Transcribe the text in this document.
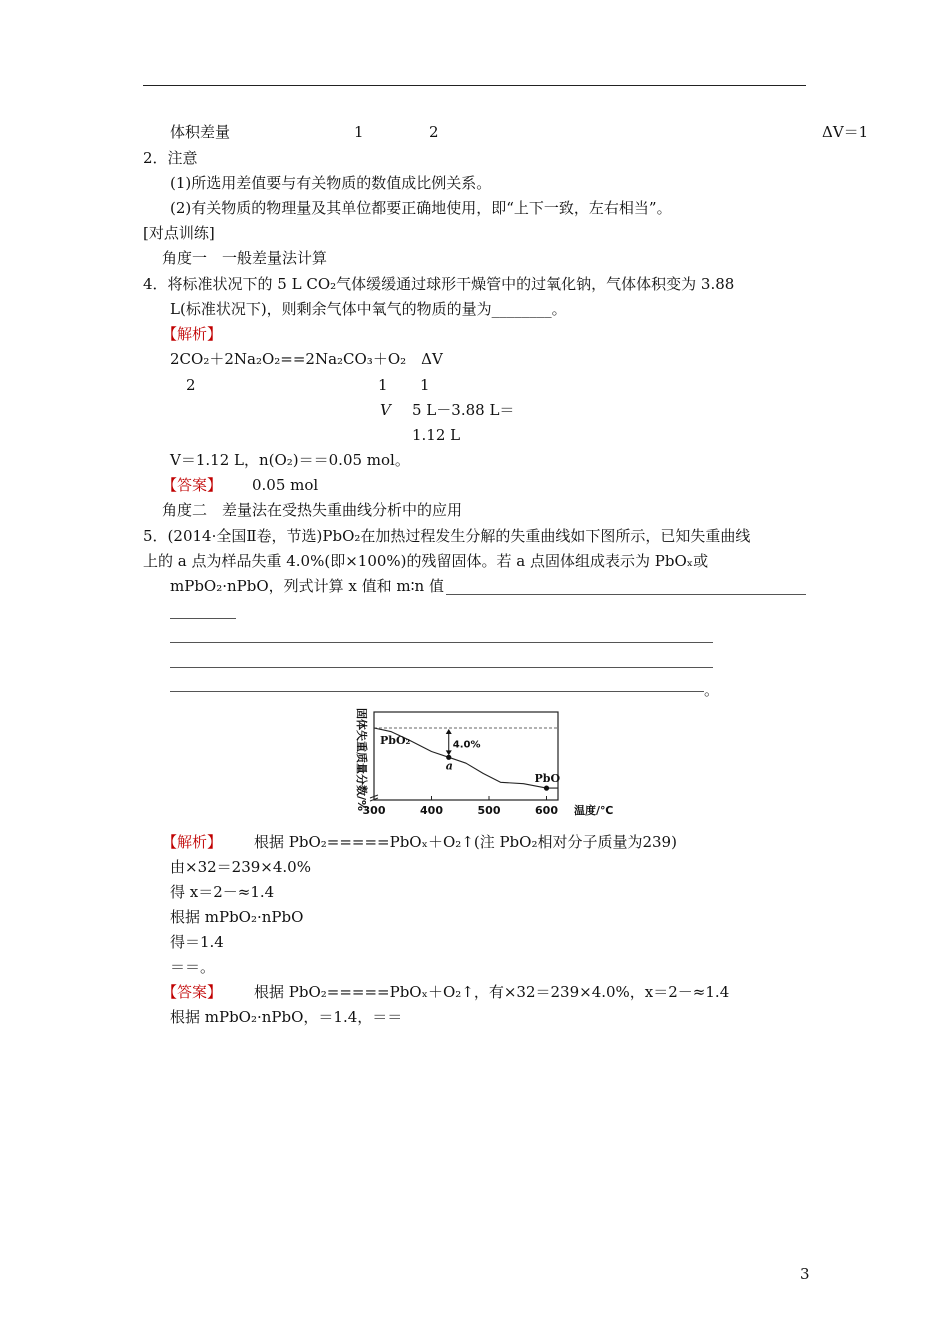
体积差量	1	2	ΔV＝1
2．注意
(1)所选用差值要与有关物质的数值成比例关系。
(2)有关物质的物理量及其单位都要正确地使用，即“上下一致，左右相当”。
[对点训练]
角度一　一般差量法计算
4．将标准状况下的 5 L CO₂气体缓缓通过球形干燥管中的过氧化钠，气体体积变为 3.88
L(标准状况下)，则剩余气体中氧气的物质的量为________。
【解析】
2CO₂＋2Na₂O₂==2Na₂CO₃＋O₂　ΔV
2	1 1
V 5 L－3.88 L＝
1.12 L
V＝1.12 L，n(O₂)＝＝0.05 mol。
【答案】 0.05 mol
角度二　差量法在受热失重曲线分析中的应用
5．(2014·全国Ⅱ卷，节选)PbO₂在加热过程发生分解的失重曲线如下图所示，已知失重曲线
上的 a 点为样品失重 4.0%(即×100%)的残留固体。若 a 点固体组成表示为 PbOₓ或
mPbO₂·nPbO，列式计算 x 值和 m∶n 值
。
固体失重质量分数/%
300	400	500	600 温度/℃
a
4.0%
PbO₂
PbO
【解析】 根据 PbO₂=====PbOₓ＋O₂↑(注 PbO₂相对分子质量为239)
由×32＝239×4.0%
得 x＝2－≈1.4
根据 mPbO₂·nPbO
得＝1.4
＝＝。
【答案】 根据 PbO₂=====PbOₓ＋O₂↑，有×32＝239×4.0%，x＝2－≈1.4
根据 mPbO₂·nPbO，＝1.4，＝＝
3
